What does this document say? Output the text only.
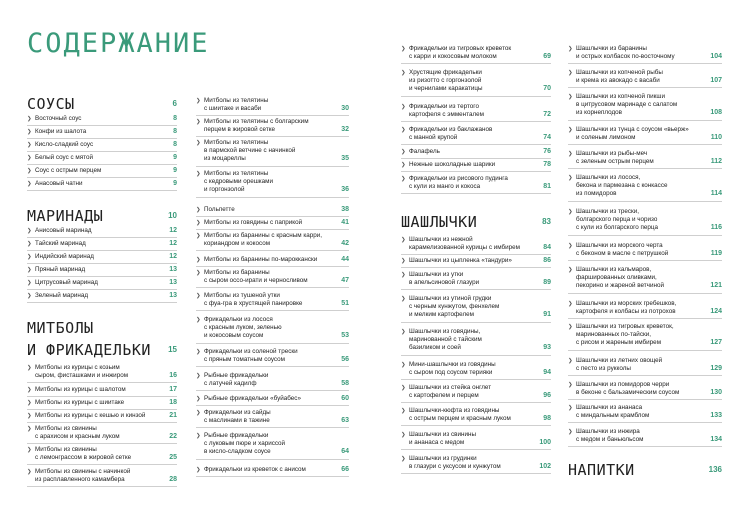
СОДЕРЖАНИЕ
СОУСЫ	6
❯ Восточный соус	8
❯ Конфи из шалота	8
❯ Кисло-сладкий соус	8
❯ Белый соус с мятой	9
❯ Соус с острым перцем	9
❯ Анаcовый чатни	9
МАРИНАДЫ	10
❯ Анисовый маринад	12
❯ Тайский маринад	12
❯ Индийский маринад	12
❯ Пряный маринад	13
❯ Цитрусовый маринад	13
❯ Зеленый маринад	13
МИТБОЛЫ
И ФРИКАДЕЛЬКИ 15
❯ Митболы из курицы с козьим
сыром, фисташками и инжиром	16
❯ Митболы из курицы с шалотом	17
❯ Митболы из курицы с шиитаке	18
❯ Митболы из курицы с кешью и кинзой	21
❯ Митболы из свинины
с арахисом и красным луком	22
❯ Митболы из свинины
с лемонграссом в жировой сетке	25
❯ Митболы из свинины с начинкой
из расплавленного камамбера	28
❯ Митболы из телятины
с шиитаке и васаби	30
❯ Митболы из телятины с болгарским
перцем в жировой сетке	32
❯ Митболы из телятины
в пармской ветчине с начинкой
из моцареллы	35
❯ Митболы из телятины
с кедровыми орешками
и горгонзолой	36
❯ Польпетте	38
❯ Митболы из говядины с паприкой	41
❯ Митболы из баранины с красным карри,
кориандром и кокосом	42
❯ Митболы из баранины по-марокканcки	44
❯ Митболы из баранины
с сыром оссо-ирати и черносливом	47
❯ Митболы из тушеной утки
с фуа-гра в хрустящей панировке	51
❯ Фрикадельки из лосося
с красным луком, зеленью
и кокосовым соусом	53
❯ Фрикадельки из соленой трески
с пряным томатным соусом	56
❯ Рыбные фрикадельки
с латучей кадилф	58
❯ Рыбные фрикадельки «буйабес»	60
❯ Фрикадельки из сайды
с маслинами в тажине	63
❯ Рыбные фрикадельки
с луковым пюре и харисcой
в кисло-сладком соусе	64
❯ Фрикадельки из креветок с анисом	66
❯ Фрикадельки из тигровых креветок
с карри и кокосовым молоком	69
❯ Хрустящие фрикадельки
из ризотто с горгонзолой
и чернилами каракатицы	70
❯ Фрикадельки из тертого
картофеля с эмменталем	72
❯ Фрикадельки из баклажанов
с манной крупой	74
❯ Фалафель	76
❯ Нежные шоколадные шарики	78
❯ Фрикадельки из рисового пудинга
с кули из манго и кокоса	81
ШАШЛЫЧКИ	83
❯ Шашлычки из нежной
карамелизованной курицы с имбирем	84
❯ Шашлычки из цыпленка «тандури»	86
❯ Шашлычки из утки
в апельсиновой глазури	89
❯ Шашлычки из утиной грудки
с черным кунжутом, фенхелем
и мелким картофелем	91
❯ Шашлычки из говядины,
маринованной с тайским
базиликом и соей	93
❯ Мини-шашлычки из говядины
с сыром под соусом терияки	94
❯ Шашлычки из стейка онглет
с картофелем и перцем	96
❯ Шашлычки-кюфта из говядины
с острым перцем и красным луком	98
❯ Шашлычки из свинины
и ананаса с медом	100
❯ Шашлычки из грудинки
в глазури с уксусом и кунжутом	102
❯ Шашлычки из баранины
и острых колбасок по-восточному	104
❯ Шашлычки из копченой рыбы
и крема из авокадо с васаби	107
❯ Шашлычки из копченой пикши
в цитрусовом маринаде с салатом
из корнеплодов	108
❯ Шашлычки из тунца с соусом «вьерж»
и соленым лимоном	110
❯ Шашлычки из рыбы-меч
с зеленым острым перцем	112
❯ Шашлычки из лосося,
бекона и пармезана с конкассе
из помидоров	114
❯ Шашлычки из трески,
болгарского перца и чоризо
с кули из болгарского перца	116
❯ Шашлычки из морского черта
с беконом в масле с петрушкой	119
❯ Шашлычки из кальмаров,
фаршированных оливками,
пекорино и жареной ветчиной	121
❯ Шашлычки из морских гребешков,
картофеля и колбасы из потрохов	124
❯ Шашлычки из тигровых креветок,
маринованных по-тайски,
с рисом и жареным имбирем	127
❯ Шашлычки из летних овощей
с песто из рукколы	129
❯ Шашлычки из помидоров черри
в беконе с бальзамическим соусом	130
❯ Шашлычки из ананаса
с миндальным крамблом	133
❯ Шашлычки из инжира
с медом и баньюльсом	134
НАПИТКИ	136
